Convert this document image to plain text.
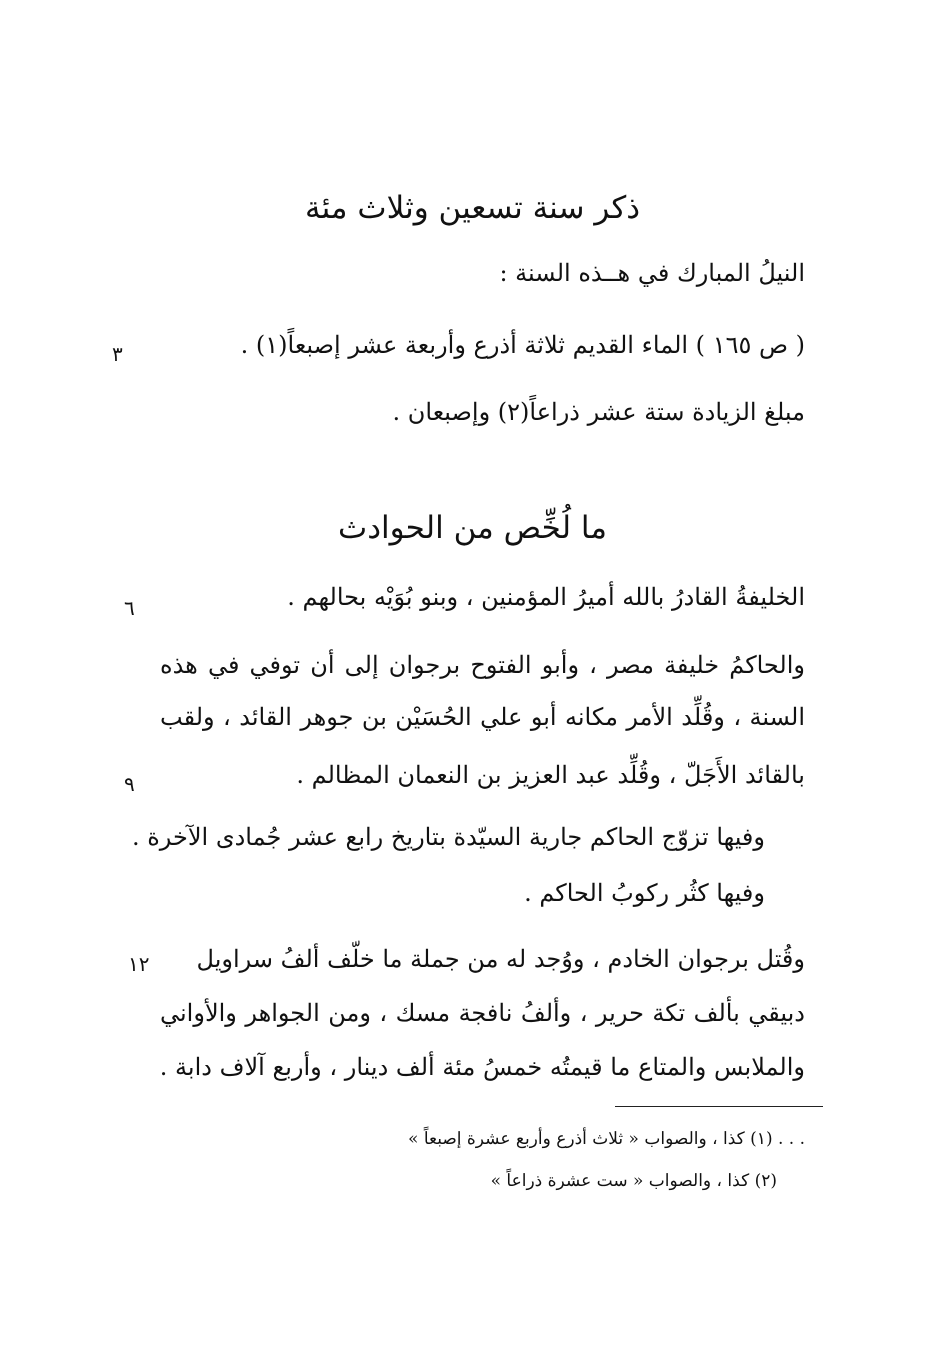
ذكر سنة تسعين وثلاث مئة
النيلُ المبارك في هــذه السنة :
( ص ١٦٥ ) الماء القديم ثلاثة أذرع وأربعة عشر إصبعاً(١) .
مبلغ الزيادة ستة عشر ذراعاً(٢) وإصبعان .
ما لُخِّص من الحوادث
الخليفةُ القادرُ بالله أميرُ المؤمنين ، وبنو بُوَيْه بحالهم .
والحاكمُ خليفة مصر ، وأبو الفتوح برجوان إلى أن توفي في هذه
السنة ، وقُلِّد الأمر مكانه أبو علي الحُسَيْن بن جوهر القائد ، ولقب
بالقائد الأَجَلّ ، وقُلِّد عبد العزيز بن النعمان المظالم .
وفيها تزوّج الحاكم جارية السيّدة بتاريخ رابع عشر جُمادى الآخرة .
وفيها كثُر ركوبُ الحاكم .
وقُتل برجوان الخادم ، ووُجد له من جملة ما خلّف ألفُ سراويل
دبيقي بألف تكة حرير ، وألفُ نافجة مسك ، ومن الجواهر والأواني
والملابس والمتاع ما قيمتُه خمسُ مئة ألف دينار ، وأربع آلاف دابة .
٣
٦
٩
١٢
. . . (١) كذا ، والصواب « ثلاث أذرع وأربع عشرة إصبعاً »
(٢) كذا ، والصواب « ست عشرة ذراعاً »
